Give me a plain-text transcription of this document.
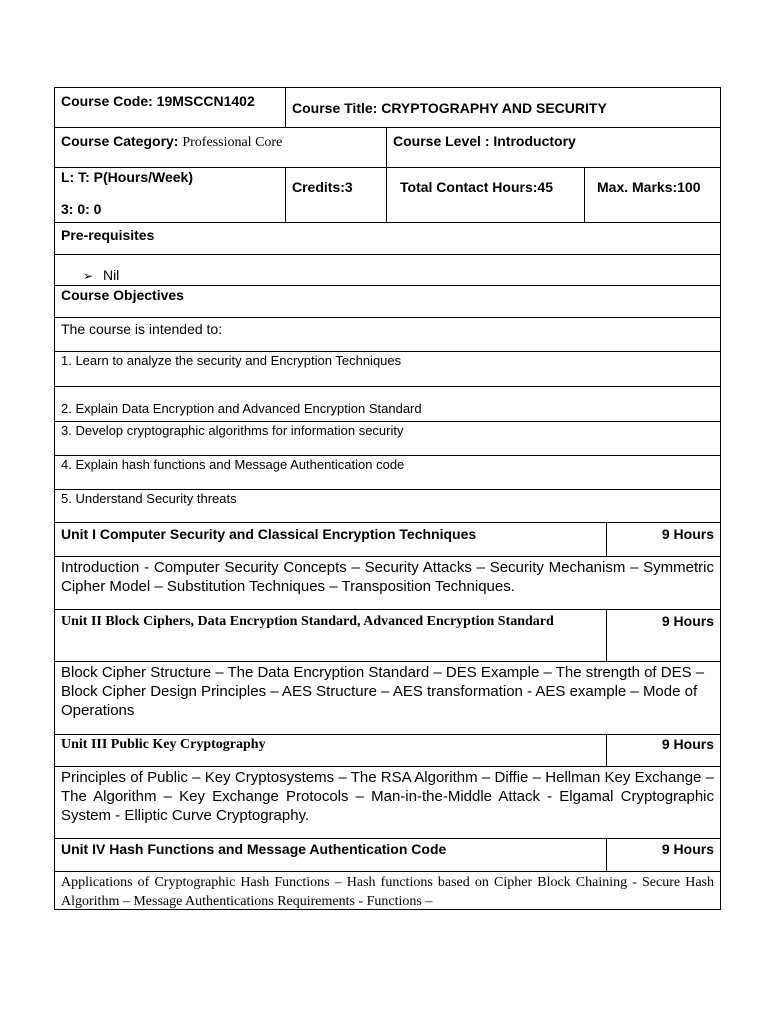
Course Code: 19MSCCN1402	Course Title: CRYPTOGRAPHY AND SECURITY
Course Category: Professional Core	Course Level : Introductory

L: T: P(Hours/Week)

3: 0: 0

Credits:3	Total Contact Hours:45	Max. Marks:100
Pre-requisites
➢ Nil
Course Objectives
The course is intended to:
1. Learn to analyze the security and Encryption Techniques
2. Explain Data Encryption and Advanced Encryption Standard
3. Develop cryptographic algorithms for information security
4. Explain hash functions and Message Authentication code
5. Understand Security threats
Unit I Computer Security and Classical Encryption Techniques	9 Hours
Introduction - Computer Security Concepts – Security Attacks – Security Mechanism – Symmetric Cipher Model – Substitution Techniques – Transposition Techniques.
Unit II Block Ciphers, Data Encryption Standard, Advanced Encryption Standard	9 Hours
Block Cipher Structure – The Data Encryption Standard – DES Example – The strength of DES – Block Cipher Design Principles – AES Structure – AES transformation - AES example – Mode of Operations
Unit III Public Key Cryptography	9 Hours
Principles of Public – Key Cryptosystems – The RSA Algorithm – Diffie – Hellman Key Exchange – The Algorithm – Key Exchange Protocols – Man-in-the-Middle Attack - Elgamal Cryptographic System - Elliptic Curve Cryptography.
Unit IV Hash Functions and Message Authentication Code	9 Hours
Applications of Cryptographic Hash Functions – Hash functions based on Cipher Block Chaining - Secure Hash Algorithm – Message Authentications Requirements - Functions –
